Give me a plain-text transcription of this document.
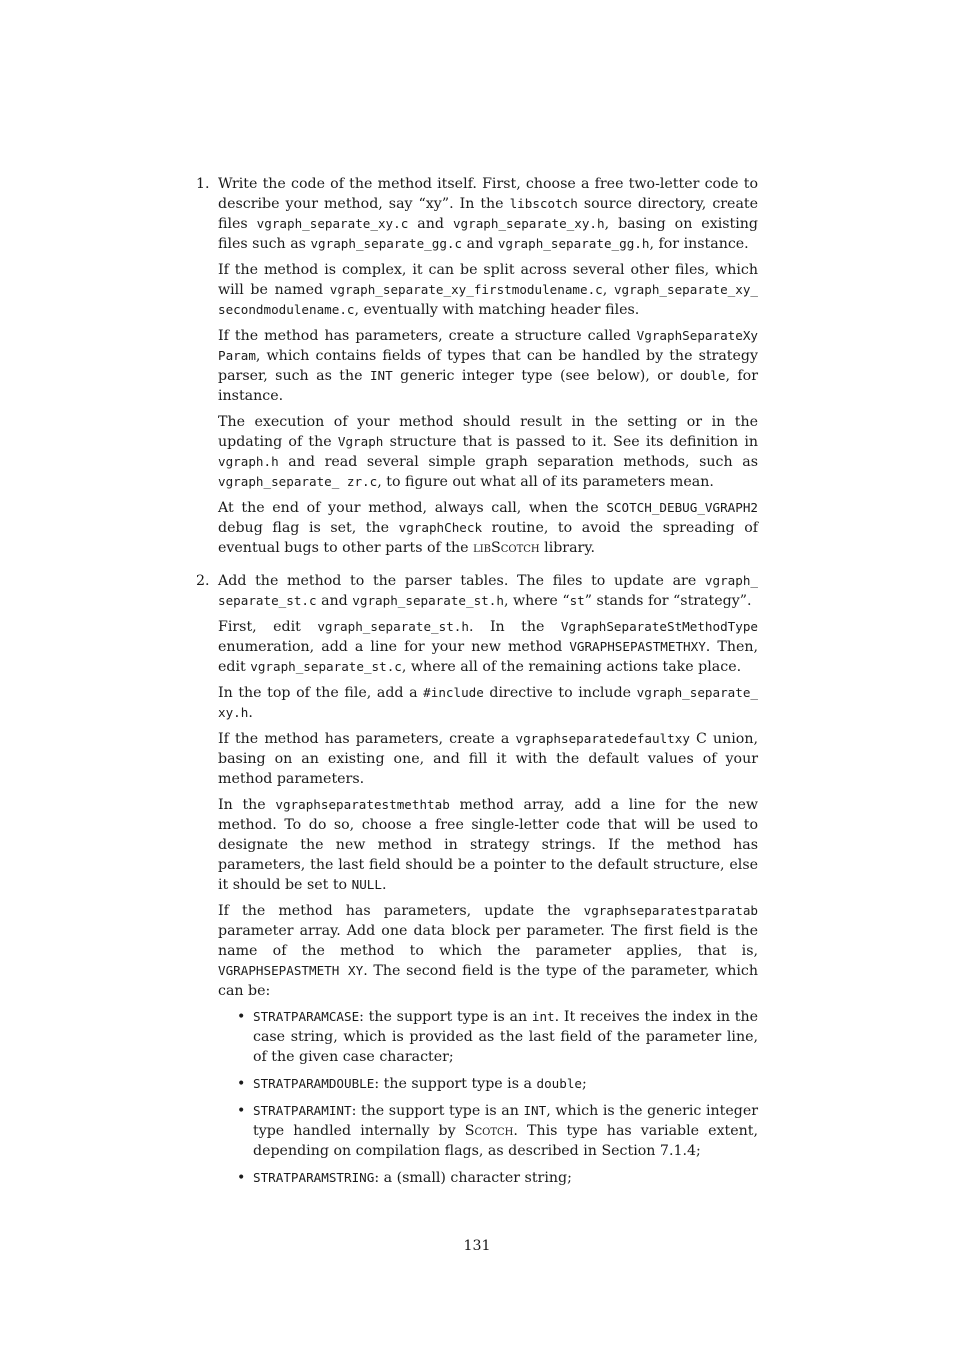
1. Write the code of the method itself. First, choose a free two-letter code to describe your method, say “xy”. In the libscotch source directory, create files vgraph_separate_xy.c and vgraph_separate_xy.h, basing on existing files such as vgraph_separate_gg.c and vgraph_separate_gg.h, for instance.

If the method is complex, it can be split across several other files, which will be named vgraph_separate_xy_firstmodulename.c, vgraph_separate_xy_ secondmodulename.c, eventually with matching header files.

If the method has parameters, create a structure called VgraphSeparateXy Param, which contains fields of types that can be handled by the strategy parser, such as the INT generic integer type (see below), or double, for instance.

The execution of your method should result in the setting or in the updating of the Vgraph structure that is passed to it. See its definition in vgraph.h and read several simple graph separation methods, such as vgraph_separate_ zr.c, to figure out what all of its parameters mean.

At the end of your method, always call, when the SCOTCH_DEBUG_VGRAPH2 debug flag is set, the vgraphCheck routine, to avoid the spreading of eventual bugs to other parts of the libScotch library.

2. Add the method to the parser tables. The files to update are vgraph_ separate_st.c and vgraph_separate_st.h, where “st” stands for “strategy”.

First, edit vgraph_separate_st.h. In the VgraphSeparateStMethodType enumeration, add a line for your new method VGRAPHSEPASTMETHXY. Then, edit vgraph_separate_st.c, where all of the remaining actions take place.

In the top of the file, add a #include directive to include vgraph_separate_ xy.h.

If the method has parameters, create a vgraphseparatedefaultxy C union, basing on an existing one, and fill it with the default values of your method parameters.

In the vgraphseparatestmethtab method array, add a line for the new method. To do so, choose a free single-letter code that will be used to designate the new method in strategy strings. If the method has parameters, the last field should be a pointer to the default structure, else it should be set to NULL.

If the method has parameters, update the vgraphseparatestparatab parameter array. Add one data block per parameter. The first field is the name of the method to which the parameter applies, that is, VGRAPHSEPASTMETH XY. The second field is the type of the parameter, which can be:

• STRATPARAMCASE: the support type is an int. It receives the index in the case string, which is provided as the last field of the parameter line, of the given case character;
• STRATPARAMDOUBLE: the support type is a double;
• STRATPARAMINT: the support type is an INT, which is the generic integer type handled internally by Scotch. This type has variable extent, depending on compilation flags, as described in Section 7.1.4;
• STRATPARAMSTRING: a (small) character string;
131
